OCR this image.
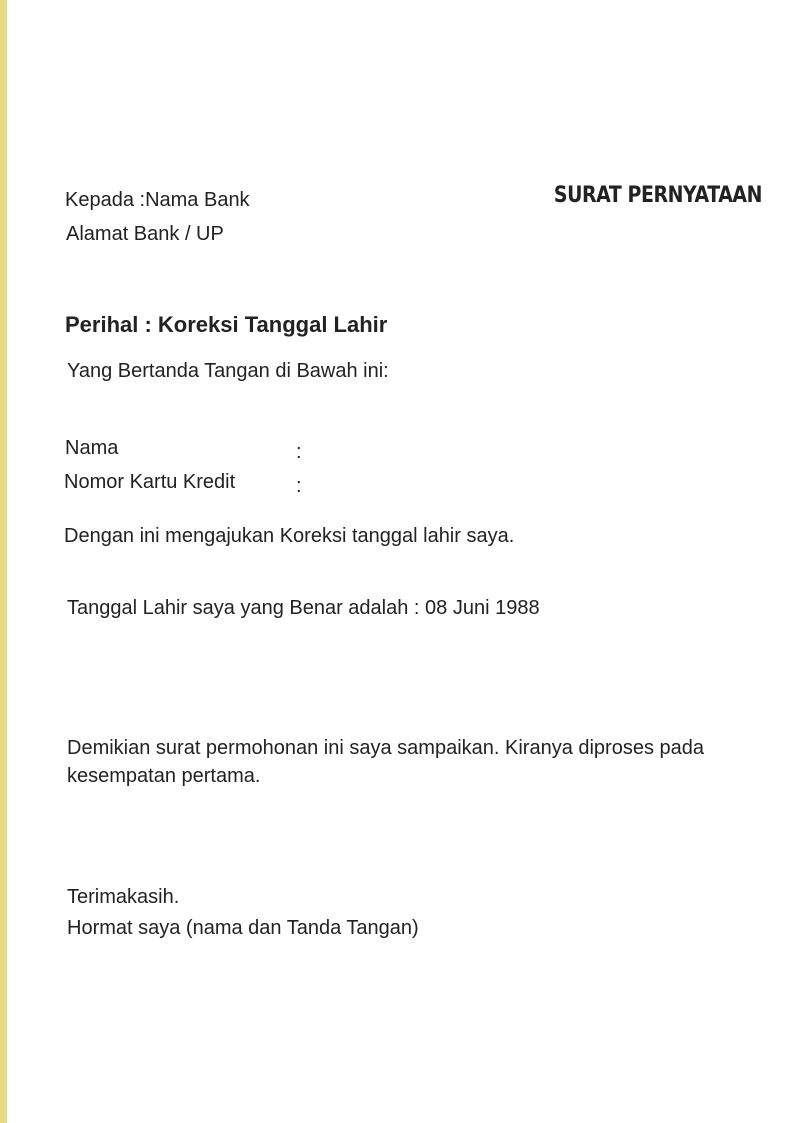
Kepada :Nama Bank

Alamat Bank / UP

SURAT PERNYATAAN
Perihal : Koreksi Tanggal Lahir

Yang Bertanda Tangan di Bawah ini:

Nama	:
Nomor Kartu Kredit	:

Dengan ini mengajukan Koreksi tanggal lahir saya.

Tanggal Lahir saya yang Benar adalah : 08 Juni 1988

Demikian surat permohonan ini saya sampaikan. Kiranya diproses pada kesempatan pertama.

Terimakasih.

Hormat saya (nama dan Tanda Tangan)
